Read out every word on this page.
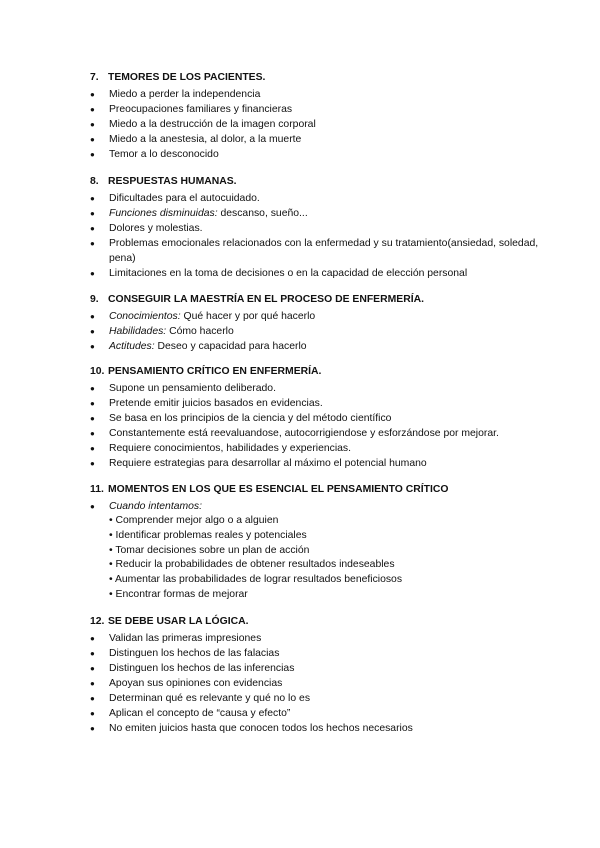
7. TEMORES DE LOS PACIENTES.
● Miedo a perder la independencia
● Preocupaciones familiares y financieras
● Miedo a la destrucción de la imagen corporal
● Miedo a la anestesia, al dolor, a la muerte
● Temor a lo desconocido
8. RESPUESTAS HUMANAS.
● Dificultades para el autocuidado.
● Funciones disminuidas: descanso, sueño...
● Dolores y molestias.
● Problemas emocionales relacionados con la enfermedad y su tratamiento(ansiedad, soledad, pena)
● Limitaciones en la toma de decisiones o en la capacidad de elección personal
9. CONSEGUIR LA MAESTRÍA EN EL PROCESO DE ENFERMERÍA.
● Conocimientos: Qué hacer y por qué hacerlo
● Habilidades: Cómo hacerlo
● Actitudes: Deseo y capacidad para hacerlo
10. PENSAMIENTO CRÍTICO EN ENFERMERÍA.
● Supone un pensamiento deliberado.
● Pretende emitir juicios basados en evidencias.
● Se basa en los principios de la ciencia y del método científico
● Constantemente está reevaluandose, autocorrigiendose y esforzándose por mejorar.
● Requiere conocimientos, habilidades y experiencias.
● Requiere estrategias para desarrollar al máximo el potencial humano
11. MOMENTOS EN LOS QUE ES ESENCIAL EL PENSAMIENTO CRÍTICO
● Cuando intentamos:
• Comprender mejor algo o a alguien
• Identificar problemas reales y potenciales
• Tomar decisiones sobre un plan de acción
• Reducir la probabilidades de obtener resultados indeseables
• Aumentar las probabilidades de lograr resultados beneficiosos
• Encontrar formas de mejorar
12. SE DEBE USAR LA LÓGICA.
● Validan las primeras impresiones
● Distinguen los hechos de las falacias
● Distinguen los hechos de las inferencias
● Apoyan sus opiniones con evidencias
● Determinan qué es relevante y qué no lo es
● Aplican el concepto de “causa y efecto”
● No emiten juicios hasta que conocen todos los hechos necesarios
